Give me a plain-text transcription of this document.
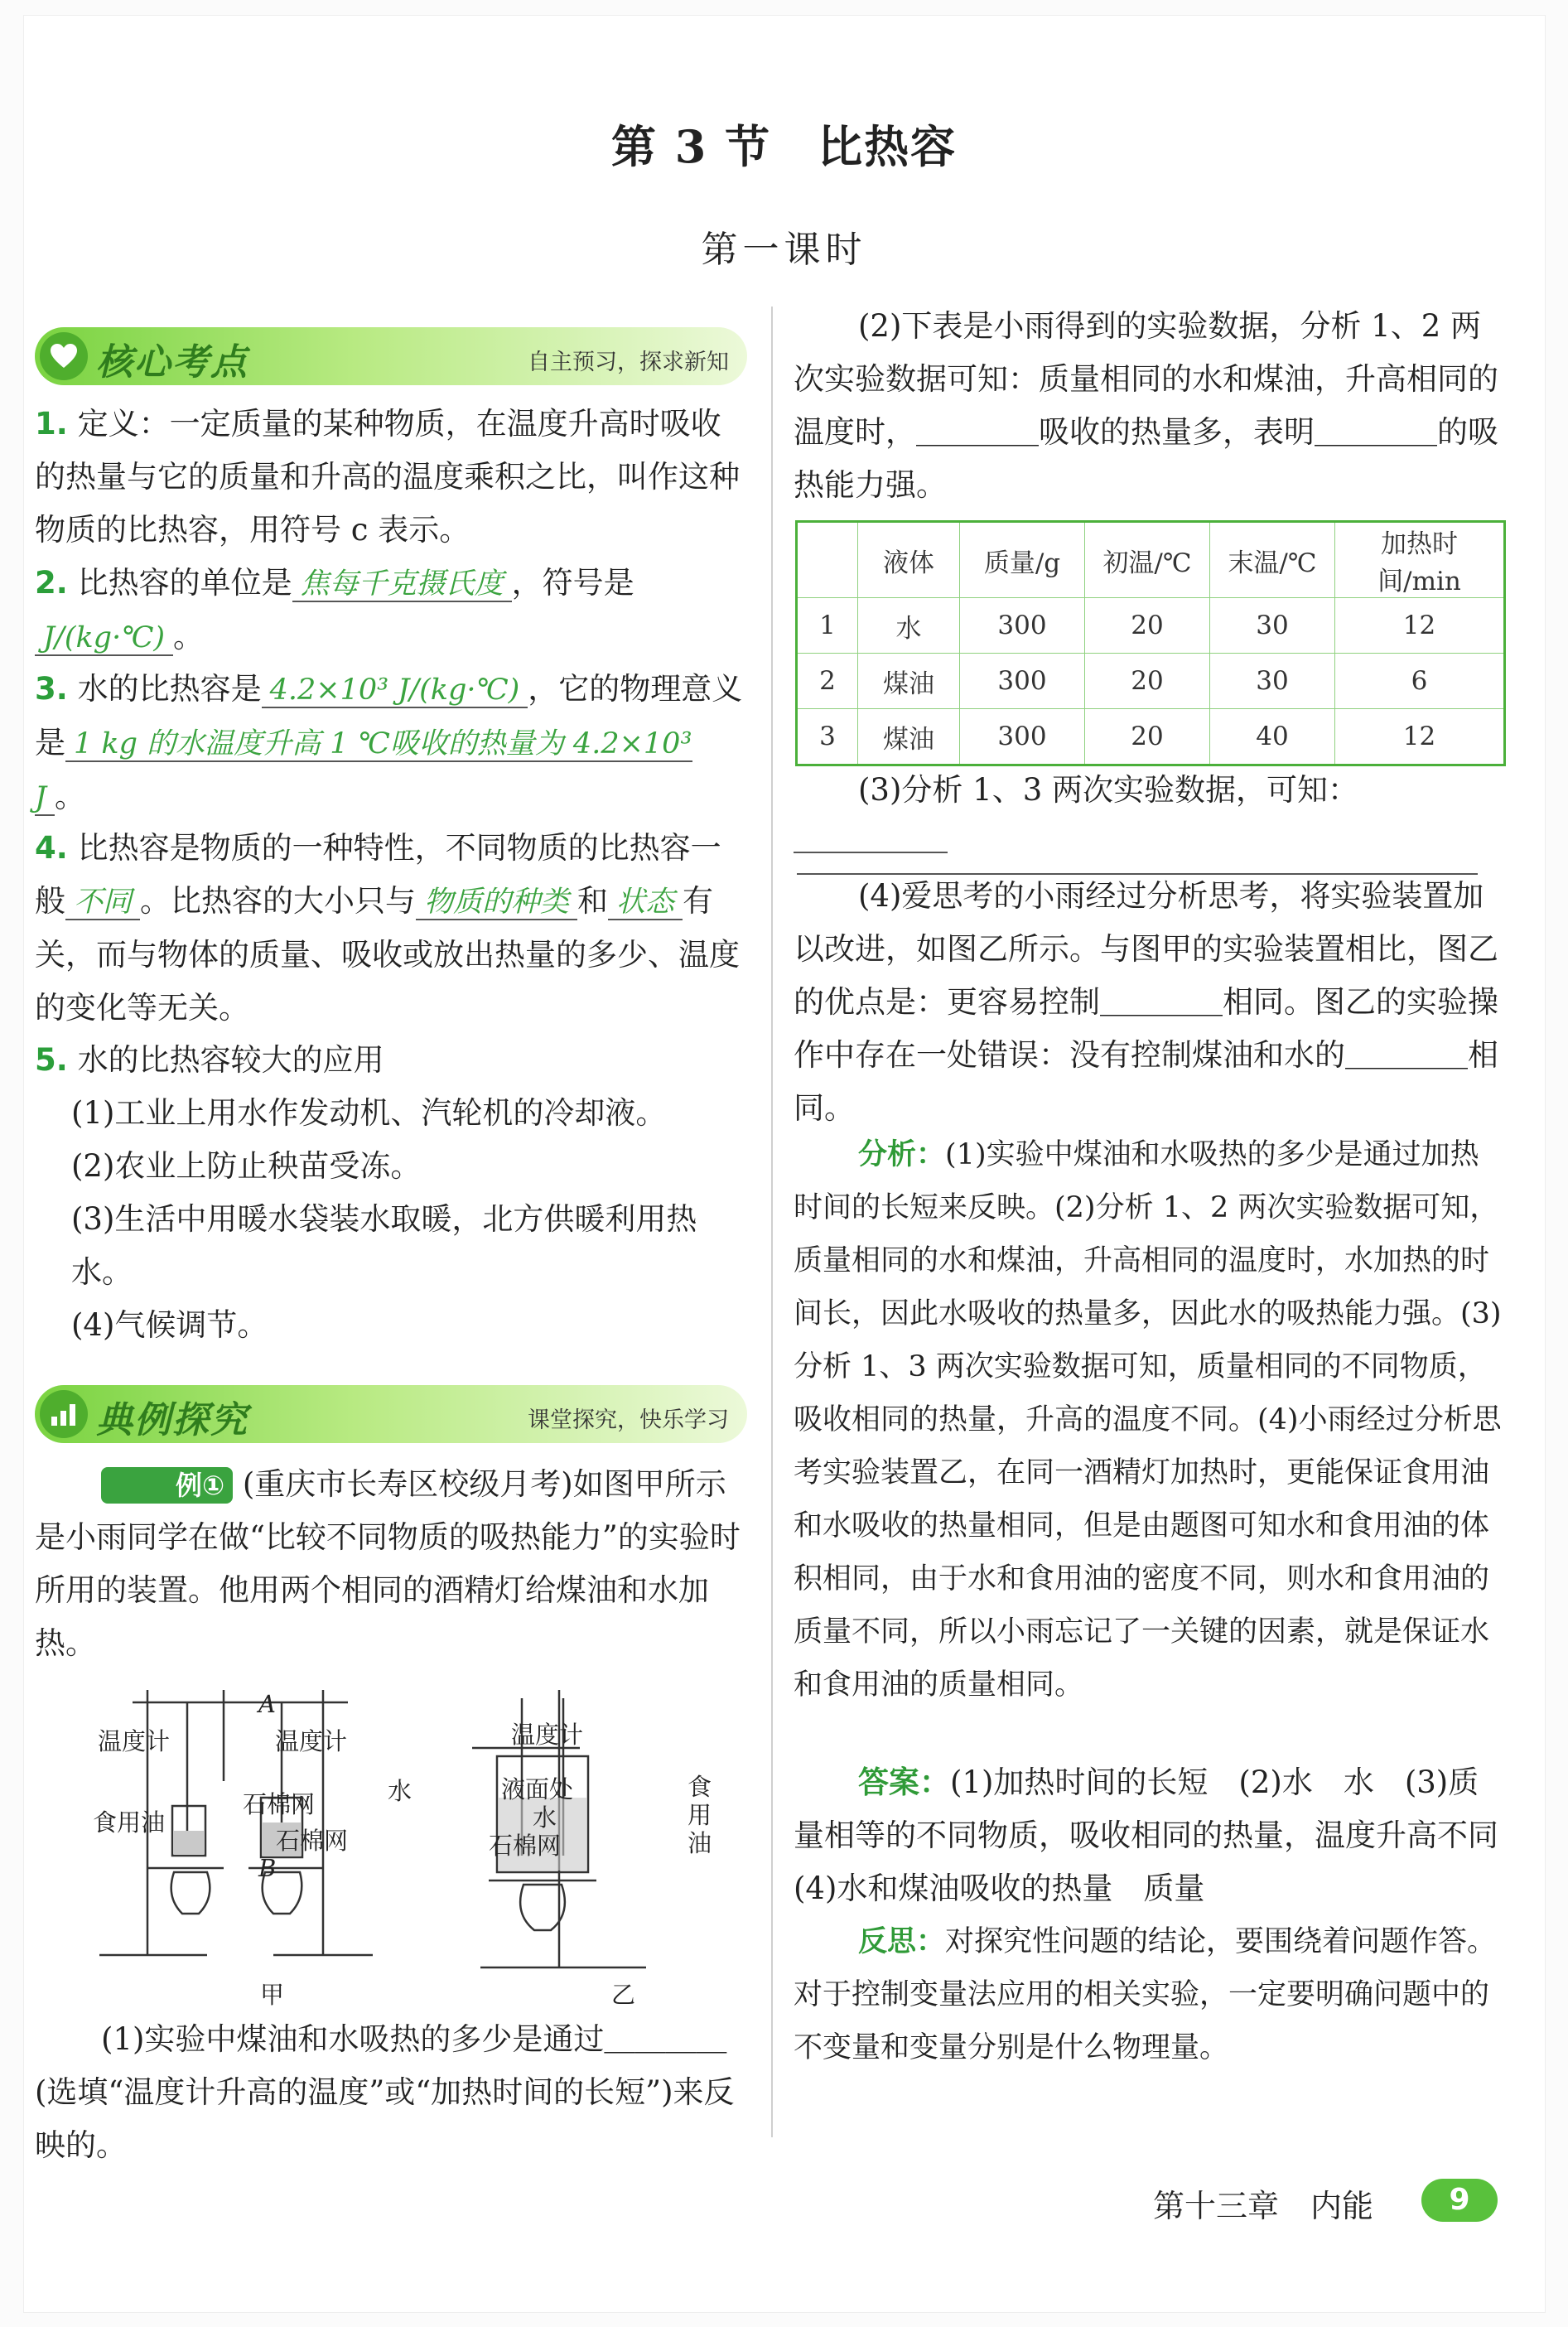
第 3 节　比热容
第一课时
核心考点	自主预习，探求新知
1. 定义：一定质量的某种物质，在温度升高时吸收的热量与它的质量和升高的温度乘积之比，叫作这种物质的比热容，用符号 c 表示。
2. 比热容的单位是 焦每千克摄氏度 ，符号是J/(kg·℃) 。
3. 水的比热容是 4.2×10³ J/(kg·℃) ，它的物理意义是 1 kg 的水温度升高 1 ℃吸收的热量为 4.2×10³ J 。
4. 比热容是物质的一种特性，不同物质的比热容一般 不同 。比热容的大小只与 物质的种类 和 状态 有关，而与物体的质量、吸收或放出热量的多少、温度的变化等无关。
5. 水的比热容较大的应用
(1)工业上用水作发动机、汽轮机的冷却液。
(2)农业上防止秧苗受冻。
(3)生活中用暖水袋装水取暖，北方供暖利用热水。
(4)气候调节。
典例探究	课堂探究，快乐学习
例① (重庆市长寿区校级月考)如图甲所示是小雨同学在做“比较不同物质的吸热能力”的实验时所用的装置。他用两个相同的酒精灯给煤油和水加热。
温度计
食用油
石棉网
A
B
温度计
水
石棉网
温度计
液面处
水
食用油
石棉网
甲	乙
(1)实验中煤油和水吸热的多少是通过＿＿＿＿(选填“温度计升高的温度”或“加热时间的长短”)来反映的。
(2)下表是小雨得到的实验数据，分析 1、2 两次实验数据可知：质量相同的水和煤油，升高相同的温度时，＿＿＿＿吸收的热量多，表明＿＿＿＿的吸热能力强。
	液体	质量/g	初温/℃	末温/℃	加热时间/min
1	水	300	20	30	12
2	煤油	300	20	30	6
3	煤油	300	20	40	12
(3)分析 1、3 两次实验数据，可知：
(4)爱思考的小雨经过分析思考，将实验装置加以改进，如图乙所示。与图甲的实验装置相比，图乙的优点是：更容易控制＿＿＿＿相同。图乙的实验操作中存在一处错误：没有控制煤油和水的＿＿＿＿相同。
分析：(1)实验中煤油和水吸热的多少是通过加热时间的长短来反映。(2)分析 1、2 两次实验数据可知，质量相同的水和煤油，升高相同的温度时，水加热的时间长，因此水吸收的热量多，因此水的吸热能力强。(3)分析 1、3 两次实验数据可知，质量相同的不同物质，吸收相同的热量，升高的温度不同。(4)小雨经过分析思考实验装置乙，在同一酒精灯加热时，更能保证食用油和水吸收的热量相同，但是由题图可知水和食用油的体积相同，由于水和食用油的密度不同，则水和食用油的质量不同，所以小雨忘记了一关键的因素，就是保证水和食用油的质量相同。
答案：(1)加热时间的长短　(2)水　水　(3)质量相等的不同物质，吸收相同的热量，温度升高不同　(4)水和煤油吸收的热量　质量
反思：对探究性问题的结论，要围绕着问题作答。对于控制变量法应用的相关实验，一定要明确问题中的不变量和变量分别是什么物理量。
第十三章　内能	9
